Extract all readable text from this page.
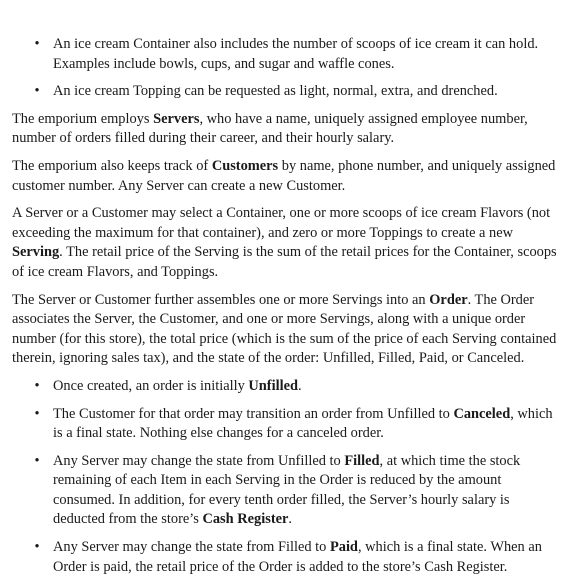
• An ice cream Container also includes the number of scoops of ice cream it can hold. Examples include bowls, cups, and sugar and waffle cones.
• An ice cream Topping can be requested as light, normal, extra, and drenched.

The emporium employs Servers, who have a name, uniquely assigned employee number, number of orders filled during their career, and their hourly salary.

The emporium also keeps track of Customers by name, phone number, and uniquely assigned customer number. Any Server can create a new Customer.

A Server or a Customer may select a Container, one or more scoops of ice cream Flavors (not exceeding the maximum for that container), and zero or more Toppings to create a new Serving. The retail price of the Serving is the sum of the retail prices for the Container, scoops of ice cream Flavors, and Toppings.

The Server or Customer further assembles one or more Servings into an Order. The Order associates the Server, the Customer, and one or more Servings, along with a unique order number (for this store), the total price (which is the sum of the price of each Serving contained therein, ignoring sales tax), and the state of the order: Unfilled, Filled, Paid, or Canceled.

• Once created, an order is initially Unfilled.
• The Customer for that order may transition an order from Unfilled to Canceled, which is a final state. Nothing else changes for a canceled order.
• Any Server may change the state from Unfilled to Filled, at which time the stock remaining of each Item in each Serving in the Order is reduced by the amount consumed. In addition, for every tenth order filled, the Server’s hourly salary is deducted from the store’s Cash Register.
• Any Server may change the state from Filled to Paid, which is a final state. When an Order is paid, the retail price of the Order is added to the store’s Cash Register.
